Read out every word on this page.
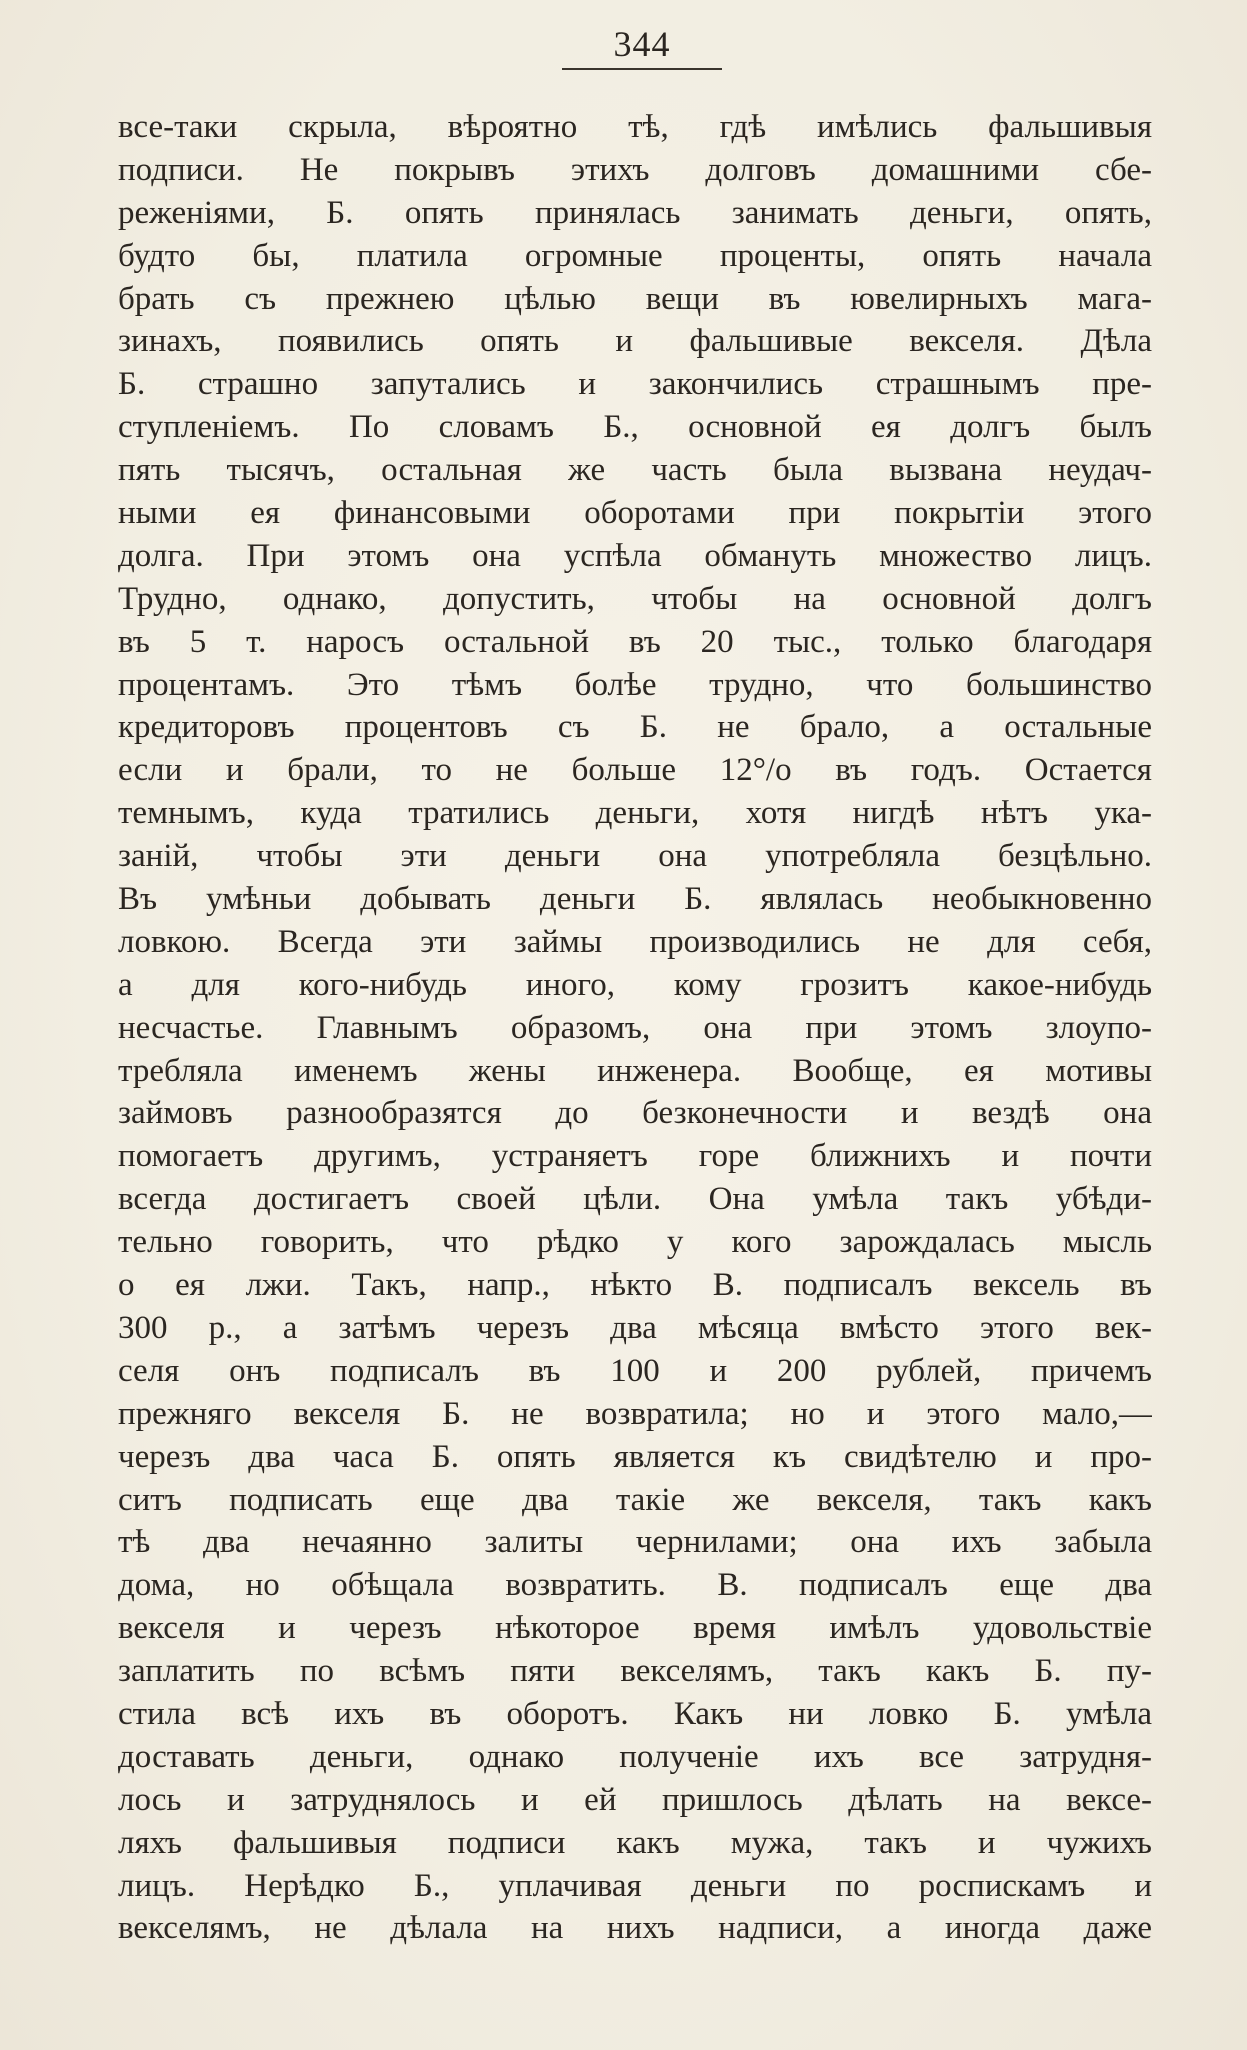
344
все-таки скрыла, вѣроятно тѣ, гдѣ имѣлись фальшивыя
подписи. Не покрывъ этихъ долговъ домашними сбе-
реженіями, Б. опять принялась занимать деньги, опять,
будто бы, платила огромные проценты, опять начала
брать съ прежнею цѣлью вещи въ ювелирныхъ мага-
зинахъ, появились опять и фальшивые векселя. Дѣла
Б. страшно запутались и закончились страшнымъ пре-
ступленіемъ. По словамъ Б., основной ея долгъ былъ
пять тысячъ, остальная же часть была вызвана неудач-
ными ея финансовыми оборотами при покрытіи этого
долга. При этомъ она успѣла обмануть множество лицъ.
Трудно, однако, допустить, чтобы на основной долгъ
въ 5 т. наросъ остальной въ 20 тыс., только благодаря
процентамъ. Это тѣмъ болѣе трудно, что большинство
кредиторовъ процентовъ съ Б. не брало, а остальные
если и брали, то не больше 12°/о въ годъ. Остается
темнымъ, куда тратились деньги, хотя нигдѣ нѣтъ ука-
заній, чтобы эти деньги она употребляла безцѣльно.
Въ умѣньи добывать деньги Б. являлась необыкновенно
ловкою. Всегда эти займы производились не для себя,
а для кого-нибудь иного, кому грозитъ какое-нибудь
несчастье. Главнымъ образомъ, она при этомъ злоупо-
требляла именемъ жены инженера. Вообще, ея мотивы
займовъ разнообразятся до безконечности и вездѣ она
помогаетъ другимъ, устраняетъ горе ближнихъ и почти
всегда достигаетъ своей цѣли. Она умѣла такъ убѣди-
тельно говорить, что рѣдко у кого зарождалась мысль
о ея лжи. Такъ, напр., нѣкто В. подписалъ вексель въ
300 р., а затѣмъ черезъ два мѣсяца вмѣсто этого век-
селя онъ подписалъ въ 100 и 200 рублей, причемъ
прежняго векселя Б. не возвратила; но и этого мало,—
черезъ два часа Б. опять является къ свидѣтелю и про-
ситъ подписать еще два такіе же векселя, такъ какъ
тѣ два нечаянно залиты чернилами; она ихъ забыла
дома, но обѣщала возвратить. В. подписалъ еще два
векселя и черезъ нѣкоторое время имѣлъ удовольствіе
заплатить по всѣмъ пяти векселямъ, такъ какъ Б. пу-
стила всѣ ихъ въ оборотъ. Какъ ни ловко Б. умѣла
доставать деньги, однако полученіе ихъ все затрудня-
лось и затруднялось и ей пришлось дѣлать на вексе-
ляхъ фальшивыя подписи какъ мужа, такъ и чужихъ
лицъ. Нерѣдко Б., уплачивая деньги по роспискамъ и
векселямъ, не дѣлала на нихъ надписи, а иногда даже
